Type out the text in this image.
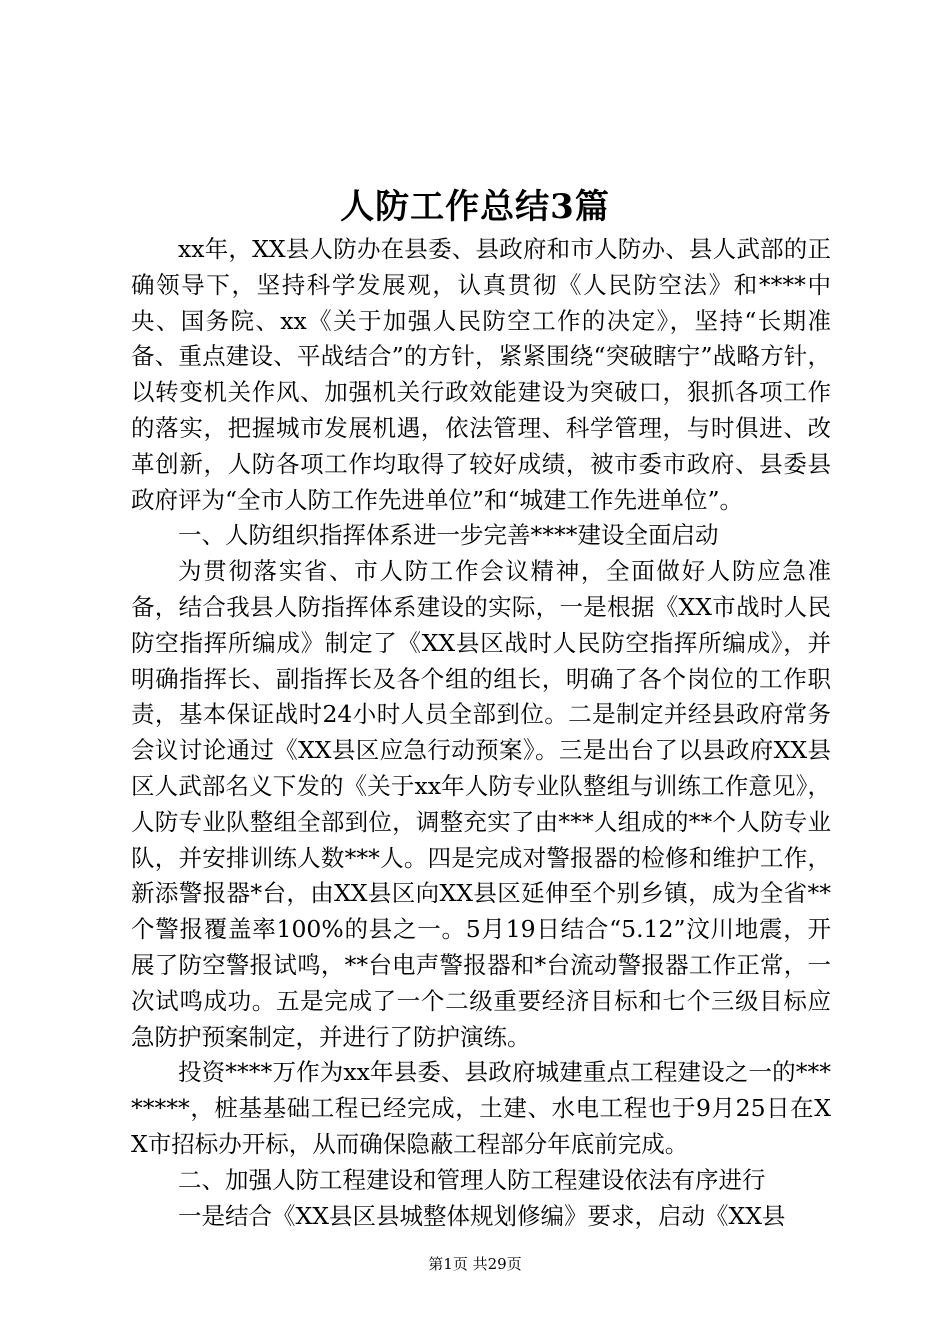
人防工作总结3篇

xx年，XX县人防办在县委、县政府和市人防办、县人武部的正确领导下，坚持科学发展观，认真贯彻《人民防空法》和****中央、国务院、xx《关于加强人民防空工作的决定》，坚持“长期准备、重点建设、平战结合”的方针，紧紧围绕“突破瞎宁”战略方针，以转变机关作风、加强机关行政效能建设为突破口，狠抓各项工作的落实，把握城市发展机遇，依法管理、科学管理，与时俱进、改革创新，人防各项工作均取得了较好成绩，被市委市政府、县委县政府评为“全市人防工作先进单位”和“城建工作先进单位”。

一、人防组织指挥体系进一步完善****建设全面启动

为贯彻落实省、市人防工作会议精神，全面做好人防应急准备，结合我县人防指挥体系建设的实际，一是根据《XX市战时人民防空指挥所编成》制定了《XX县区战时人民防空指挥所编成》，并明确指挥长、副指挥长及各个组的组长，明确了各个岗位的工作职责，基本保证战时24小时人员全部到位。二是制定并经县政府常务会议讨论通过《XX县区应急行动预案》。三是出台了以县政府XX县区人武部名义下发的《关于xx年人防专业队整组与训练工作意见》，人防专业队整组全部到位，调整充实了由***人组成的**个人防专业队，并安排训练人数***人。四是完成对警报器的检修和维护工作，新添警报器*台，由XX县区向XX县区延伸至个别乡镇，成为全省**个警报覆盖率100%的县之一。5月19日结合“5.12”汶川地震，开展了防空警报试鸣，**台电声警报器和*台流动警报器工作正常，一次试鸣成功。五是完成了一个二级重要经济目标和七个三级目标应急防护预案制定，并进行了防护演练。

投资****万作为xx年县委、县政府城建重点工程建设之一的********，桩基基础工程已经完成，土建、水电工程也于9月25日在XX市招标办开标，从而确保隐蔽工程部分年底前完成。

二、加强人防工程建设和管理人防工程建设依法有序进行

一是结合《XX县区县城整体规划修编》要求，启动《XX县

第1页 共29页
